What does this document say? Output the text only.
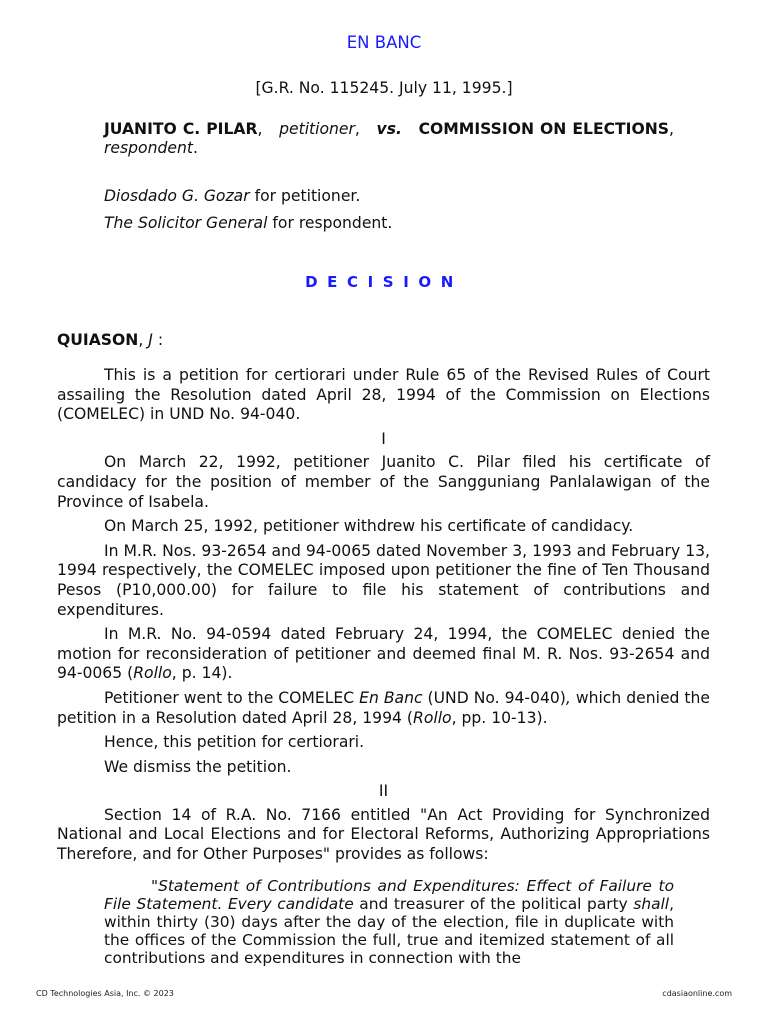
EN BANC
[G.R. No. 115245. July 11, 1995.]
JUANITO C. PILAR,   petitioner,   vs. COMMISSION ON ELECTIONS, respondent.
Diosdado G. Gozar for petitioner.
The Solicitor General for respondent.
DECISION
QUIASON, J :

This is a petition for certiorari under Rule 65 of the Revised Rules of Court assailing the Resolution dated April 28, 1994 of the Commission on Elections (COMELEC) in UND No. 94-040.

I

On March 22, 1992, petitioner Juanito C. Pilar filed his certificate of candidacy for the position of member of the Sangguniang Panlalawigan of the Province of Isabela.

On March 25, 1992, petitioner withdrew his certificate of candidacy.

In M.R. Nos. 93-2654 and 94-0065 dated November 3, 1993 and February 13, 1994 respectively, the COMELEC imposed upon petitioner the fine of Ten Thousand Pesos (P10,000.00) for failure to file his statement of contributions and expenditures.

In M.R. No. 94-0594 dated February 24, 1994, the COMELEC denied the motion for reconsideration of petitioner and deemed final M. R. Nos. 93-2654 and 94-0065 (Rollo, p. 14).

Petitioner went to the COMELEC En Banc (UND No. 94-040), which denied the petition in a Resolution dated April 28, 1994 (Rollo, pp. 10-13).

Hence, this petition for certiorari.

We dismiss the petition.

II

Section 14 of R.A. No. 7166 entitled "An Act Providing for Synchronized National and Local Elections and for Electoral Reforms, Authorizing Appropriations Therefore, and for Other Purposes" provides as follows:

"Statement of Contributions and Expenditures: Effect of Failure to File Statement. Every candidate and treasurer of the political party shall, within thirty (30) days after the day of the election, file in duplicate with the offices of the Commission the full, true and itemized statement of all contributions and expenditures in connection with the
CD Technologies Asia, Inc. © 2023	cdasiaonline.com
